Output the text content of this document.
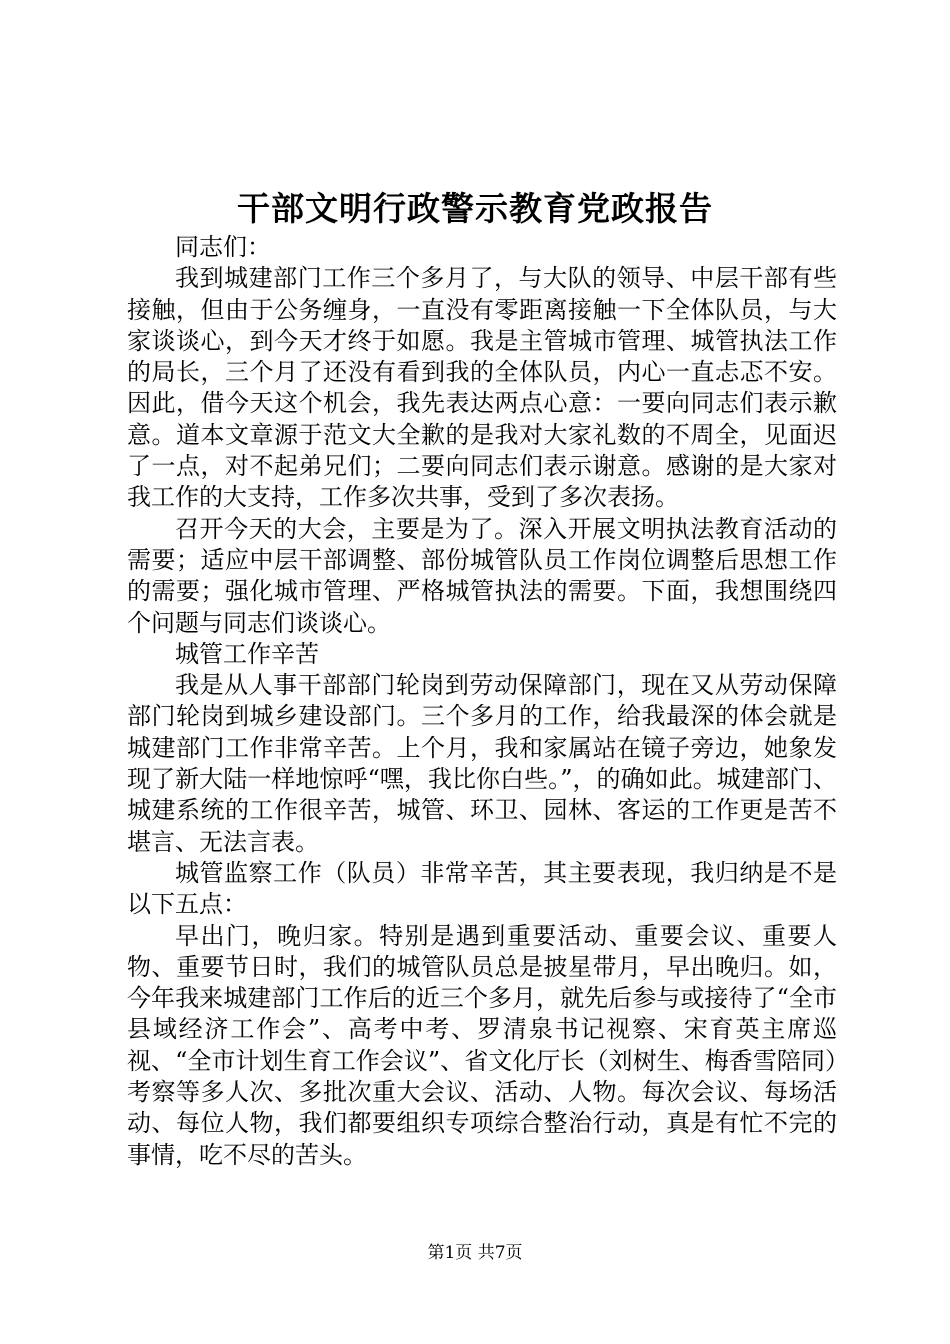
干部文明行政警示教育党政报告

同志们：

我到城建部门工作三个多月了，与大队的领导、中层干部有些接触，但由于公务缠身，一直没有零距离接触一下全体队员，与大家谈谈心，到今天才终于如愿。我是主管城市管理、城管执法工作的局长，三个月了还没有看到我的全体队员，内心一直忐忑不安。因此，借今天这个机会，我先表达两点心意：一要向同志们表示歉意。道本文章源于范文大全歉的是我对大家礼数的不周全，见面迟了一点，对不起弟兄们；二要向同志们表示谢意。感谢的是大家对我工作的大支持，工作多次共事，受到了多次表扬。

召开今天的大会，主要是为了。深入开展文明执法教育活动的需要；适应中层干部调整、部份城管队员工作岗位调整后思想工作的需要；强化城市管理、严格城管执法的需要。下面，我想围绕四个问题与同志们谈谈心。

城管工作辛苦

我是从人事干部部门轮岗到劳动保障部门，现在又从劳动保障部门轮岗到城乡建设部门。三个多月的工作，给我最深的体会就是城建部门工作非常辛苦。上个月，我和家属站在镜子旁边，她象发现了新大陆一样地惊呼“嘿，我比你白些。”，的确如此。城建部门、城建系统的工作很辛苦，城管、环卫、园林、客运的工作更是苦不堪言、无法言表。

城管监察工作（队员）非常辛苦，其主要表现，我归纳是不是以下五点：

早出门，晚归家。特别是遇到重要活动、重要会议、重要人物、重要节日时，我们的城管队员总是披星带月，早出晚归。如，今年我来城建部门工作后的近三个多月，就先后参与或接待了“全市县域经济工作会”、高考中考、罗清泉书记视察、宋育英主席巡视、“全市计划生育工作会议”、省文化厅长（刘树生、梅香雪陪同）考察等多人次、多批次重大会议、活动、人物。每次会议、每场活动、每位人物，我们都要组织专项综合整治行动，真是有忙不完的事情，吃不尽的苦头。

第1页 共7页
